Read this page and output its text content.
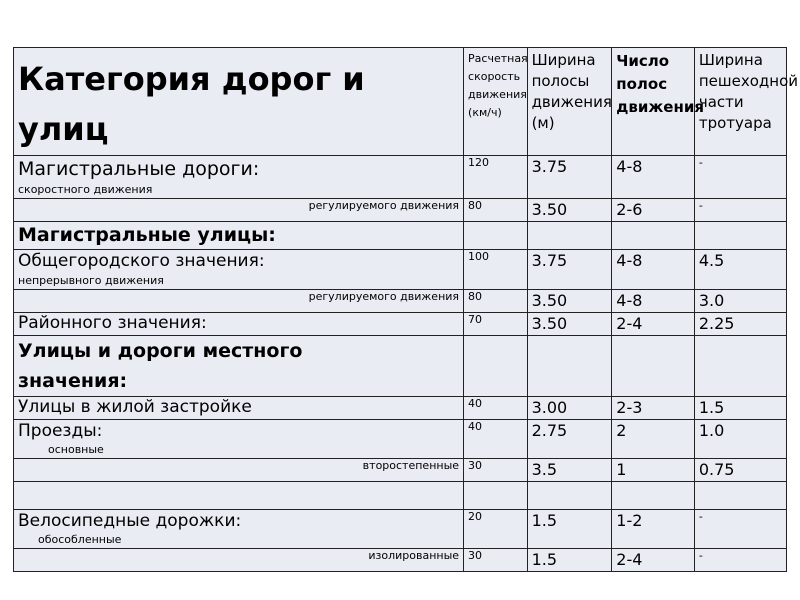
Категория дорог и улиц	Расчетная скорость движения (км/ч)	Ширина полосы движения (м)	Число полос движения	Ширина пешеходной части тротуара

Магистральные дороги:
скоростного движения	120	3.75	4-8	-
регулируемого движения	80	3.50	2-6	-
Магистральные улицы:				

Общегородского значения:
непрерывного движения	100	3.75	4-8	4.5
регулируемого движения	80	3.50	4-8	3.0
Районного значения:	70	3.50	2-4	2.25
Улицы и дороги местного значения:				
Улицы в жилой застройке	40	3.00	2-3	1.5

Проезды:
основные	40	2.75	2	1.0
второстепенные	30	3.5	1	0.75

Велосипедные дорожки:
обособленные	20	1.5	1-2	-
изолированные	30	1.5	2-4	-
